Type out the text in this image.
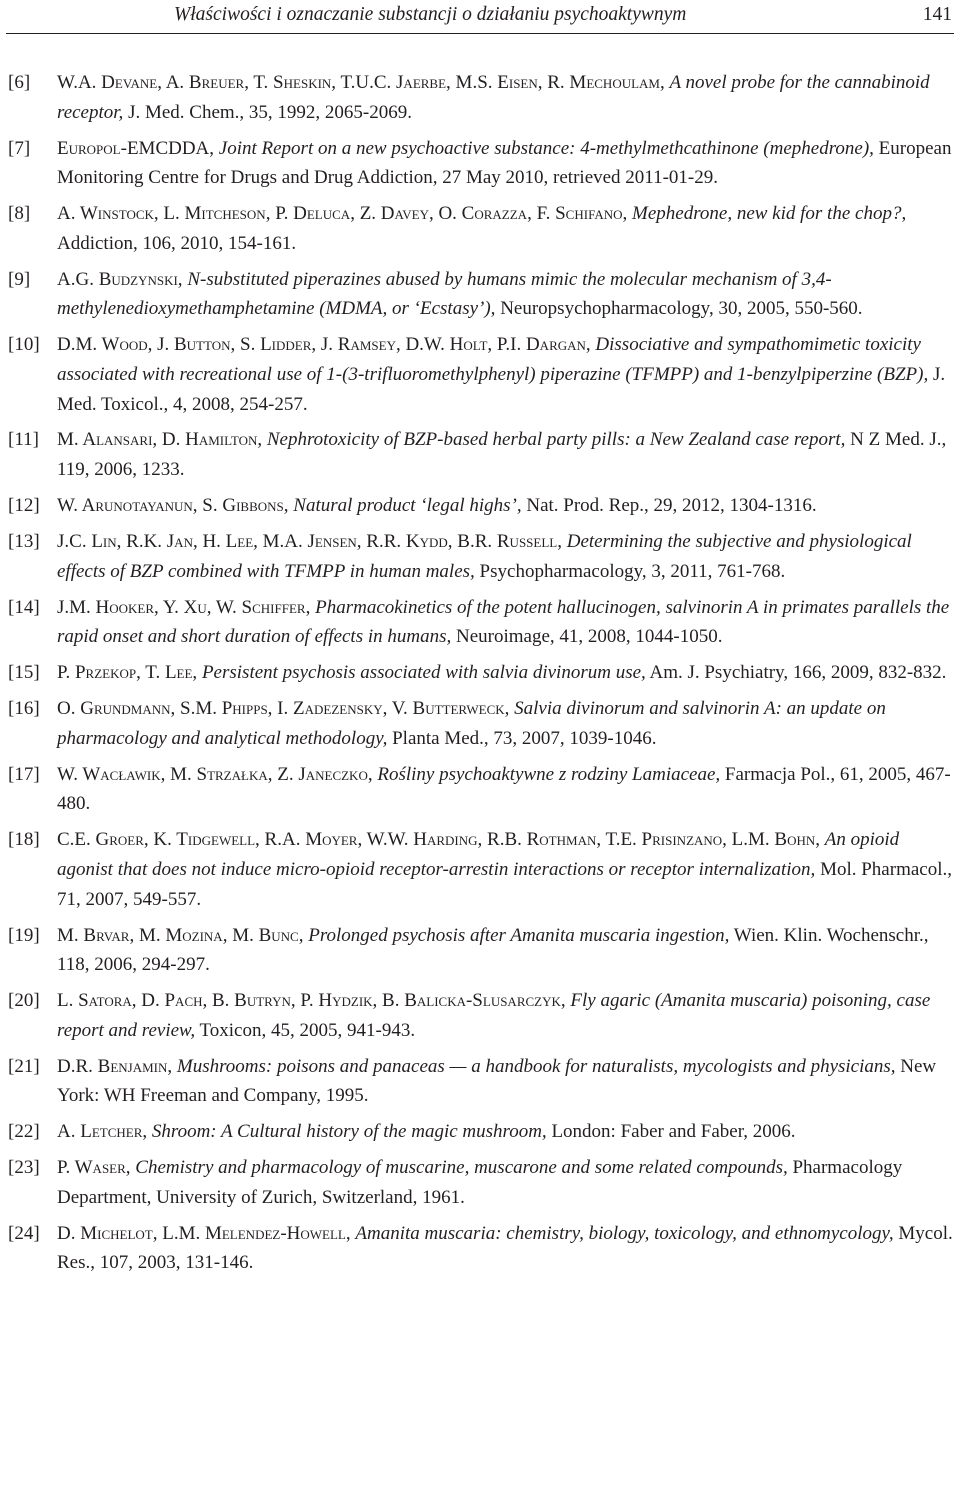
Właściwości i oznaczanie substancji o działaniu psychoaktywnym	141
[6] W.A. Devane, A. Breuer, T. Sheskin, T.U.C. Jaerbe, M.S. Eisen, R. Mechoulam, A novel probe for the cannabinoid receptor, J. Med. Chem., 35, 1992, 2065-2069.
[7] Europol-EMCDDA, Joint Report on a new psychoactive substance: 4-methylmethcathinone (mephedrone), European Monitoring Centre for Drugs and Drug Addiction, 27 May 2010, retrieved 2011-01-29.
[8] A. Winstock, L. Mitcheson, P. Deluca, Z. Davey, O. Corazza, F. Schifano, Mephedrone, new kid for the chop?, Addiction, 106, 2010, 154-161.
[9] A.G. Budzynski, N-substituted piperazines abused by humans mimic the molecular mechanism of 3,4-methylenedioxymethamphetamine (MDMA, or ‘Ecstasy’), Neuropsychopharmacology, 30, 2005, 550-560.
[10] D.M. Wood, J. Button, S. Lidder, J. Ramsey, D.W. Holt, P.I. Dargan, Dissociative and sympathomimetic toxicity associated with recreational use of 1-(3-trifluoromethylphenyl) piperazine (TFMPP) and 1-benzylpiperzine (BZP), J. Med. Toxicol., 4, 2008, 254-257.
[11] M. Alansari, D. Hamilton, Nephrotoxicity of BZP-based herbal party pills: a New Zealand case report, N Z Med. J., 119, 2006, 1233.
[12] W. Arunotayanun, S. Gibbons, Natural product ‘legal highs’, Nat. Prod. Rep., 29, 2012, 1304-1316.
[13] J.C. Lin, R.K. Jan, H. Lee, M.A. Jensen, R.R. Kydd, B.R. Russell, Determining the subjective and physiological effects of BZP combined with TFMPP in human males, Psychopharmacology, 3, 2011, 761-768.
[14] J.M. Hooker, Y. Xu, W. Schiffer, Pharmacokinetics of the potent hallucinogen, salvinorin A in primates parallels the rapid onset and short duration of effects in humans, Neuroimage, 41, 2008, 1044-1050.
[15] P. Przekop, T. Lee, Persistent psychosis associated with salvia divinorum use, Am. J. Psychiatry, 166, 2009, 832-832.
[16] O. Grundmann, S.M. Phipps, I. Zadezensky, V. Butterweck, Salvia divinorum and salvinorin A: an update on pharmacology and analytical methodology, Planta Med., 73, 2007, 1039-1046.
[17] W. Wacławik, M. Strzałka, Z. Janeczko, Rośliny psychoaktywne z rodziny Lamiaceae, Farmacja Pol., 61, 2005, 467-480.
[18] C.E. Groer, K. Tidgewell, R.A. Moyer, W.W. Harding, R.B. Rothman, T.E. Prisinzano, L.M. Bohn, An opioid agonist that does not induce micro-opioid receptor-arrestin interactions or receptor internalization, Mol. Pharmacol., 71, 2007, 549-557.
[19] M. Brvar, M. Mozina, M. Bunc, Prolonged psychosis after Amanita muscaria ingestion, Wien. Klin. Wochenschr., 118, 2006, 294-297.
[20] L. Satora, D. Pach, B. Butryn, P. Hydzik, B. Balicka-Slusarczyk, Fly agaric (Amanita muscaria) poisoning, case report and review, Toxicon, 45, 2005, 941-943.
[21] D.R. Benjamin, Mushrooms: poisons and panaceas — a handbook for naturalists, mycologists and physicians, New York: WH Freeman and Company, 1995.
[22] A. Letcher, Shroom: A Cultural history of the magic mushroom, London: Faber and Faber, 2006.
[23] P. Waser, Chemistry and pharmacology of muscarine, muscarone and some related compounds, Pharmacology Department, University of Zurich, Switzerland, 1961.
[24] D. Michelot, L.M. Melendez-Howell, Amanita muscaria: chemistry, biology, toxicology, and ethnomycology, Mycol. Res., 107, 2003, 131-146.
